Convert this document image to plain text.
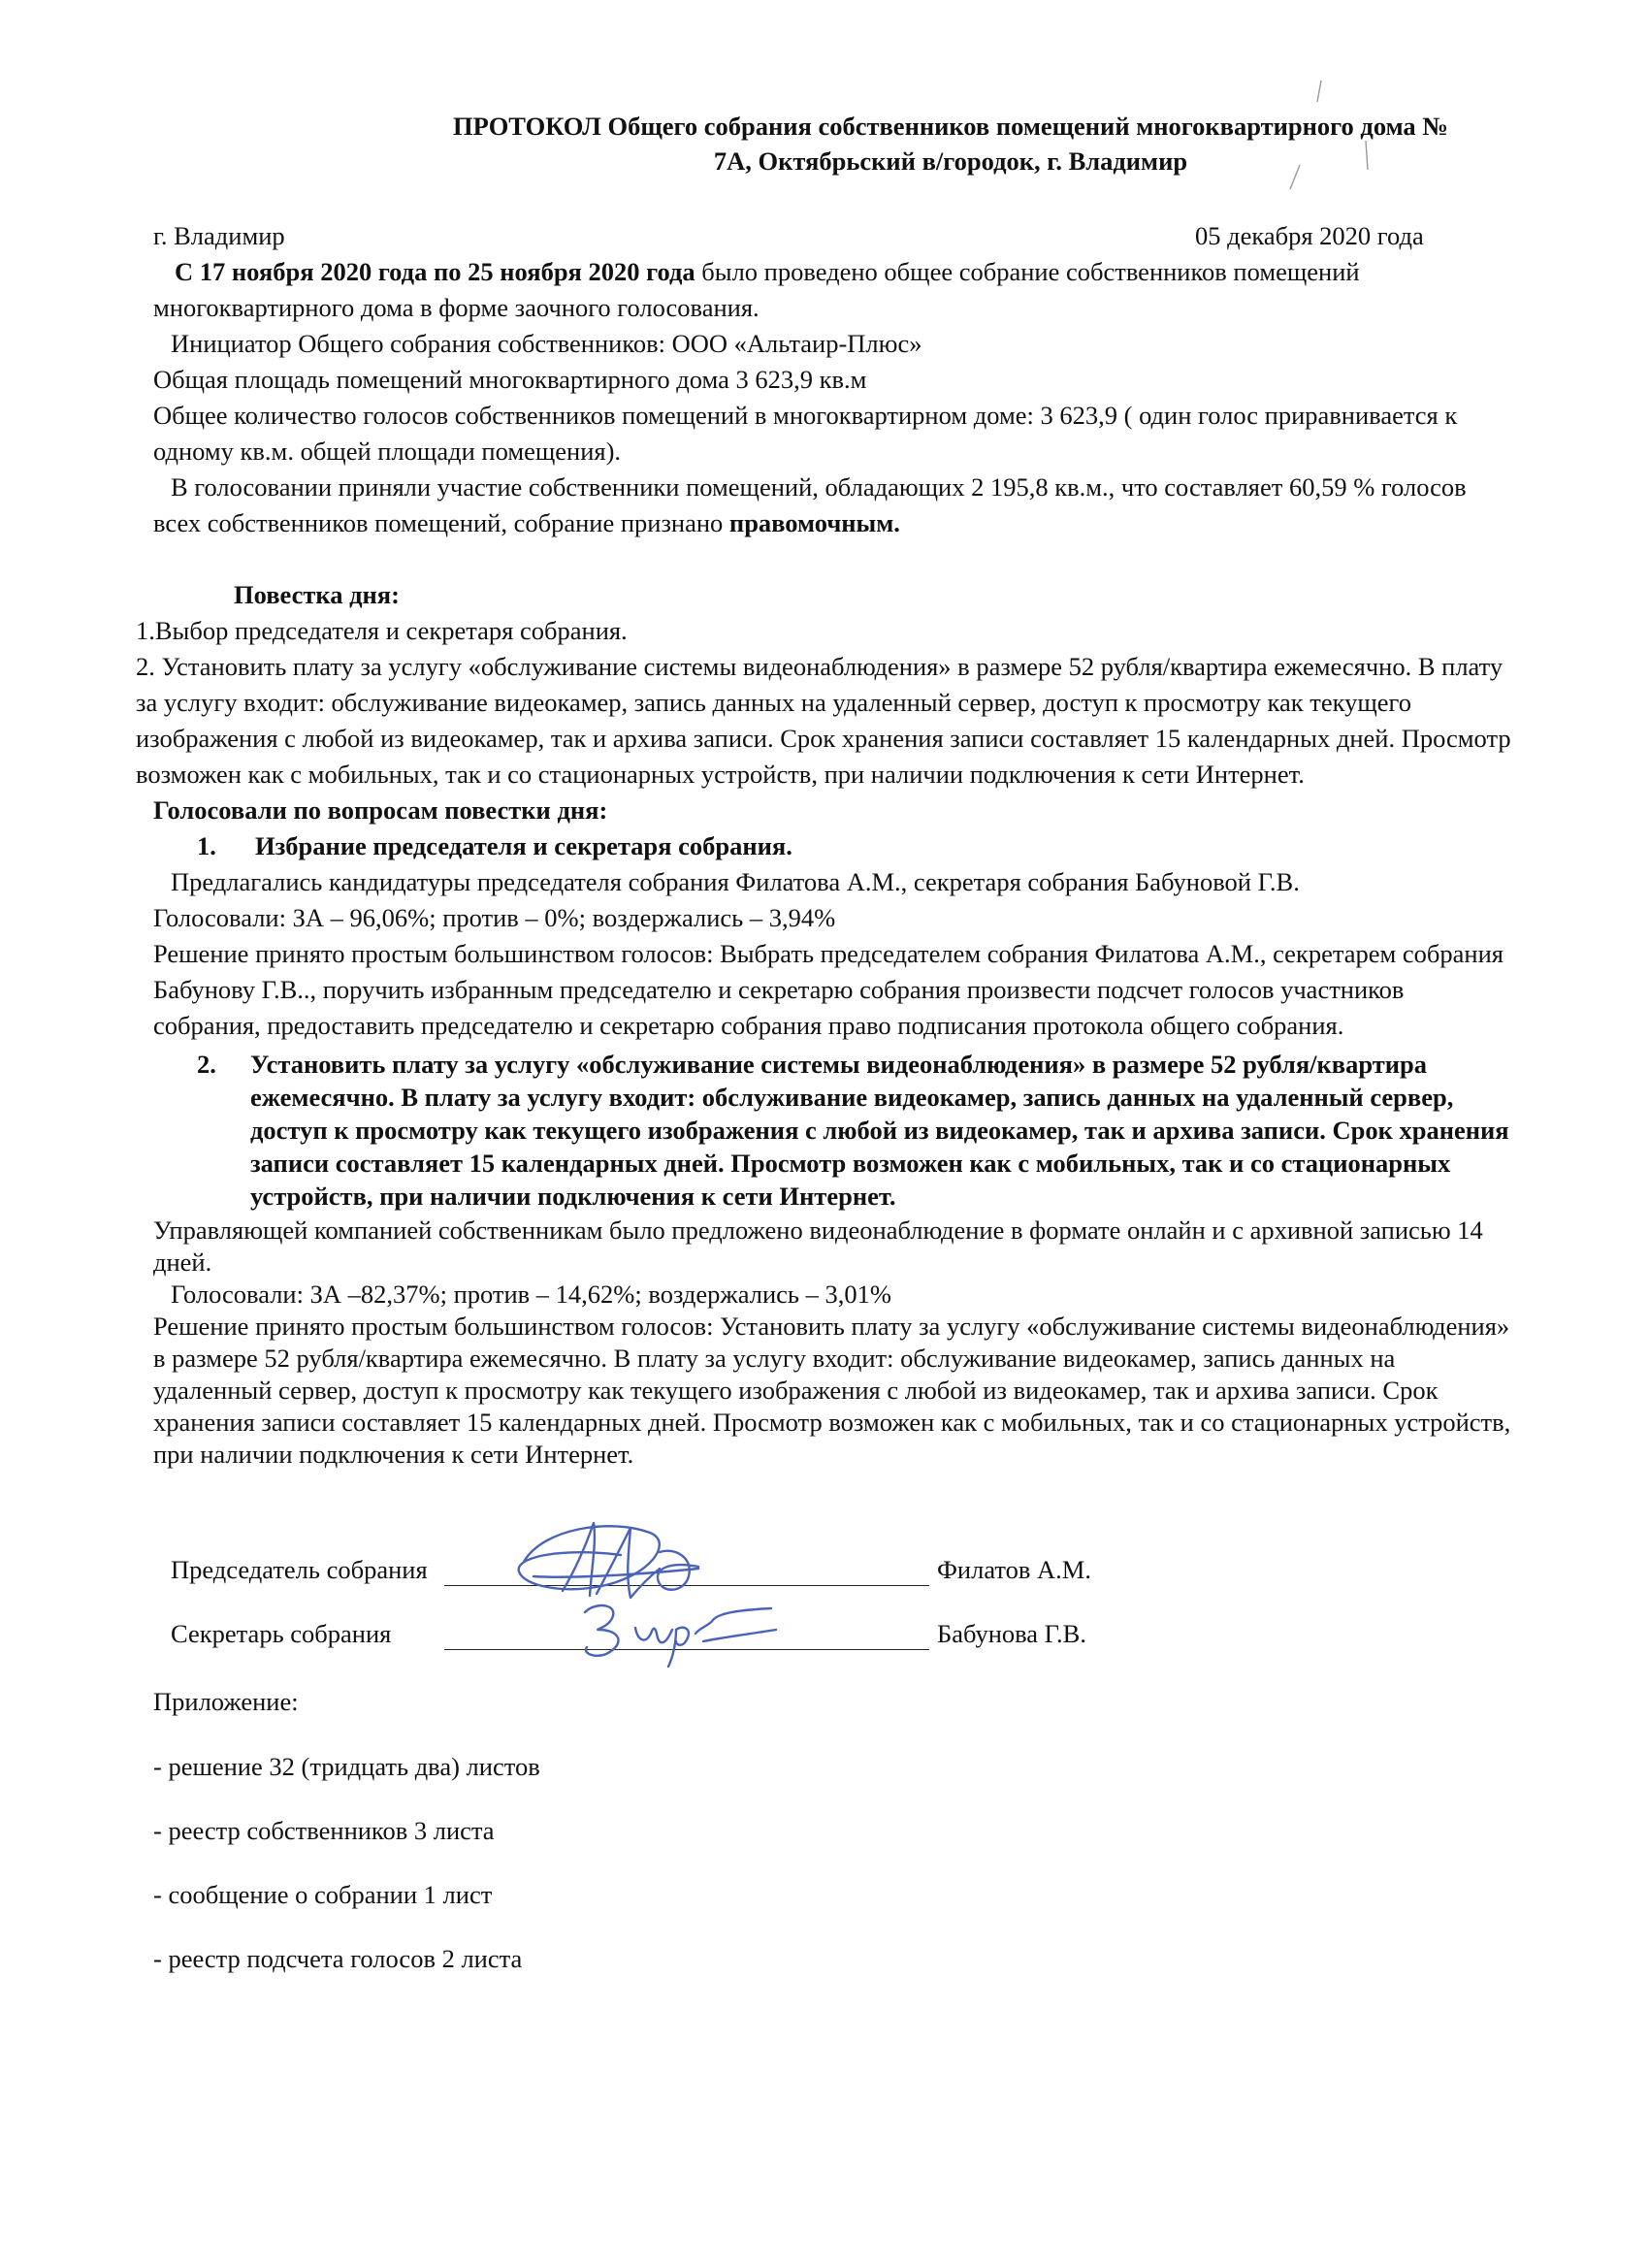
ПРОТОКОЛ Общего собрания собственников помещений многоквартирного дома №
7А, Октябрьский в/городок, г. Владимир
г. Владимир	05 декабря 2020 года

С 17 ноября 2020 года по 25 ноября 2020 года было проведено общее собрание собственников помещений многоквартирного дома в форме заочного голосования.

Инициатор Общего собрания собственников: ООО «Альтаир-Плюс»

Общая площадь помещений многоквартирного дома 3 623,9 кв.м

Общее количество голосов собственников помещений в многоквартирном доме: 3 623,9 ( один голос приравнивается к одному кв.м. общей площади помещения).

В голосовании приняли участие собственники помещений, обладающих 2 195,8 кв.м., что составляет 60,59 % голосов всех собственников помещений, собрание признано правомочным.

Повестка дня:

1.Выбор председателя и секретаря собрания.

2. Установить плату за услугу «обслуживание системы видеонаблюдения» в размере 52 рубля/квартира ежемесячно. В плату за услугу входит: обслуживание видеокамер, запись данных на удаленный сервер, доступ к просмотру как текущего изображения с любой из видеокамер, так и архива записи. Срок хранения записи составляет 15 календарных дней. Просмотр возможен как с мобильных, так и со стационарных устройств, при наличии подключения к сети Интернет.

Голосовали по вопросам повестки дня:

1. Избрание председателя и секретаря собрания.

Предлагались кандидатуры председателя собрания Филатова А.М., секретаря собрания Бабуновой Г.В.

Голосовали: ЗА – 96,06%; против – 0%; воздержались – 3,94%

Решение принято простым большинством голосов: Выбрать председателем собрания Филатова А.М., секретарем собрания Бабунову Г.В.., поручить избранным председателю и секретарю собрания произвести подсчет голосов участников собрания, предоставить председателю и секретарю собрания право подписания протокола общего собрания.

2. Установить плату за услугу «обслуживание системы видеонаблюдения» в размере 52 рубля/квартира ежемесячно. В плату за услугу входит: обслуживание видеокамер, запись данных на удаленный сервер, доступ к просмотру как текущего изображения с любой из видеокамер, так и архива записи. Срок хранения записи составляет 15 календарных дней. Просмотр возможен как с мобильных, так и со стационарных устройств, при наличии подключения к сети Интернет.

Управляющей компанией собственникам было предложено видеонаблюдение в формате онлайн и с архивной записью 14 дней.

Голосовали: ЗА –82,37%; против – 14,62%; воздержались – 3,01%

Решение принято простым большинством голосов: Установить плату за услугу «обслуживание системы видеонаблюдения» в размере 52 рубля/квартира ежемесячно. В плату за услугу входит: обслуживание видеокамер, запись данных на удаленный сервер, доступ к просмотру как текущего изображения с любой из видеокамер, так и архива записи. Срок хранения записи составляет 15 календарных дней. Просмотр возможен как с мобильных, так и со стационарных устройств, при наличии подключения к сети Интернет.

Председатель собрания	Филатов А.М.
Секретарь собрания	Бабунова Г.В.
Приложение:
- решение 32 (тридцать два) листов
- реестр собственников 3 листа
- сообщение о собрании 1 лист
- реестр подсчета голосов 2 листа
